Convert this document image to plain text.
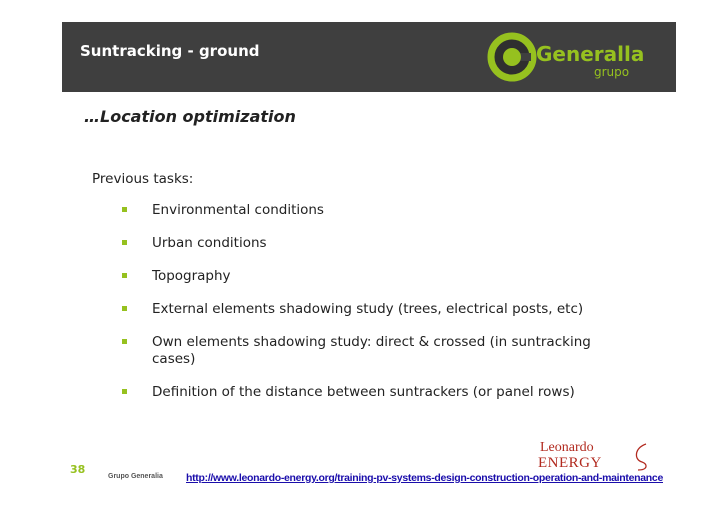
Suntracking - ground	Generalla
grupo
…Location optimization
Previous tasks:
Environmental conditions
Urban conditions
Topography
External elements shadowing study (trees, electrical posts, etc)
Own elements shadowing study: direct & crossed (in suntracking cases)
Definition of the distance between suntrackers (or panel rows)
38
Grupo Generalia http://www.leonardo-energy.org/training-pv-systems-design-construction-operation-and-maintenance
Leonardo
ENERGY
